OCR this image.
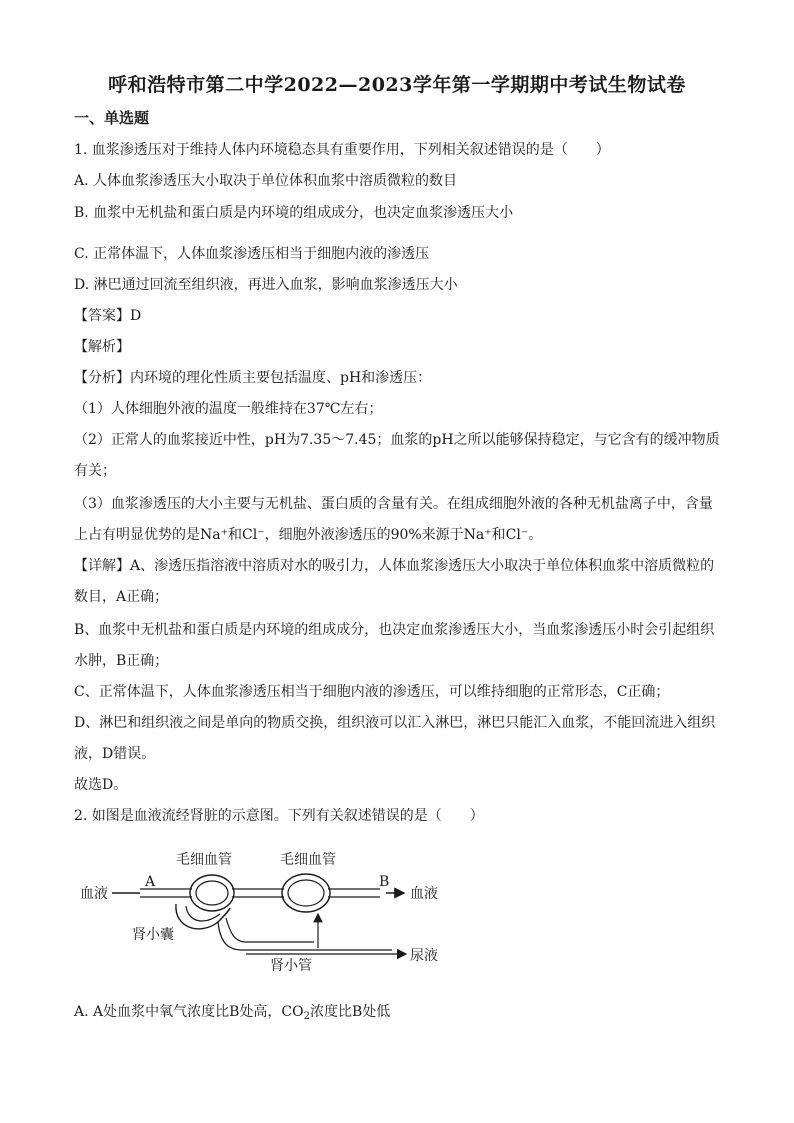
呼和浩特市第二中学2022—2023学年第一学期期中考试生物试卷
一、单选题
1. 血浆渗透压对于维持人体内环境稳态具有重要作用，下列相关叙述错误的是（　　）
A. 人体血浆渗透压大小取决于单位体积血浆中溶质微粒的数目
B. 血浆中无机盐和蛋白质是内环境的组成成分，也决定血浆渗透压大小
C. 正常体温下，人体血浆渗透压相当于细胞内液的渗透压
D. 淋巴通过回流至组织液，再进入血浆，影响血浆渗透压大小
【答案】D
【解析】
【分析】内环境的理化性质主要包括温度、pH和渗透压：
（1）人体细胞外液的温度一般维持在37℃左右；
（2）正常人的血浆接近中性，pH为7.35～7.45；血浆的pH之所以能够保持稳定，与它含有的缓冲物质
有关；
（3）血浆渗透压的大小主要与无机盐、蛋白质的含量有关。在组成细胞外液的各种无机盐离子中，含量
上占有明显优势的是Na⁺和Cl⁻，细胞外液渗透压的90%来源于Na⁺和Cl⁻。
【详解】A、渗透压指溶液中溶质对水的吸引力，人体血浆渗透压大小取决于单位体积血浆中溶质微粒的
数目，A正确；
B、血浆中无机盐和蛋白质是内环境的组成成分，也决定血浆渗透压大小，当血浆渗透压小时会引起组织
水肿，B正确；
C、正常体温下，人体血浆渗透压相当于细胞内液的渗透压，可以维持细胞的正常形态，C正确；
D、淋巴和组织液之间是单向的物质交换，组织液可以汇入淋巴，淋巴只能汇入血浆，不能回流进入组织
液，D错误。
故选D。
2. 如图是血液流经肾脏的示意图。下列有关叙述错误的是（　　）
毛细血管	毛细血管
血液
A	B
血液
肾小囊
肾小管
尿液
A. A处血浆中氧气浓度比B处高，$CO_2$浓度比B处低
